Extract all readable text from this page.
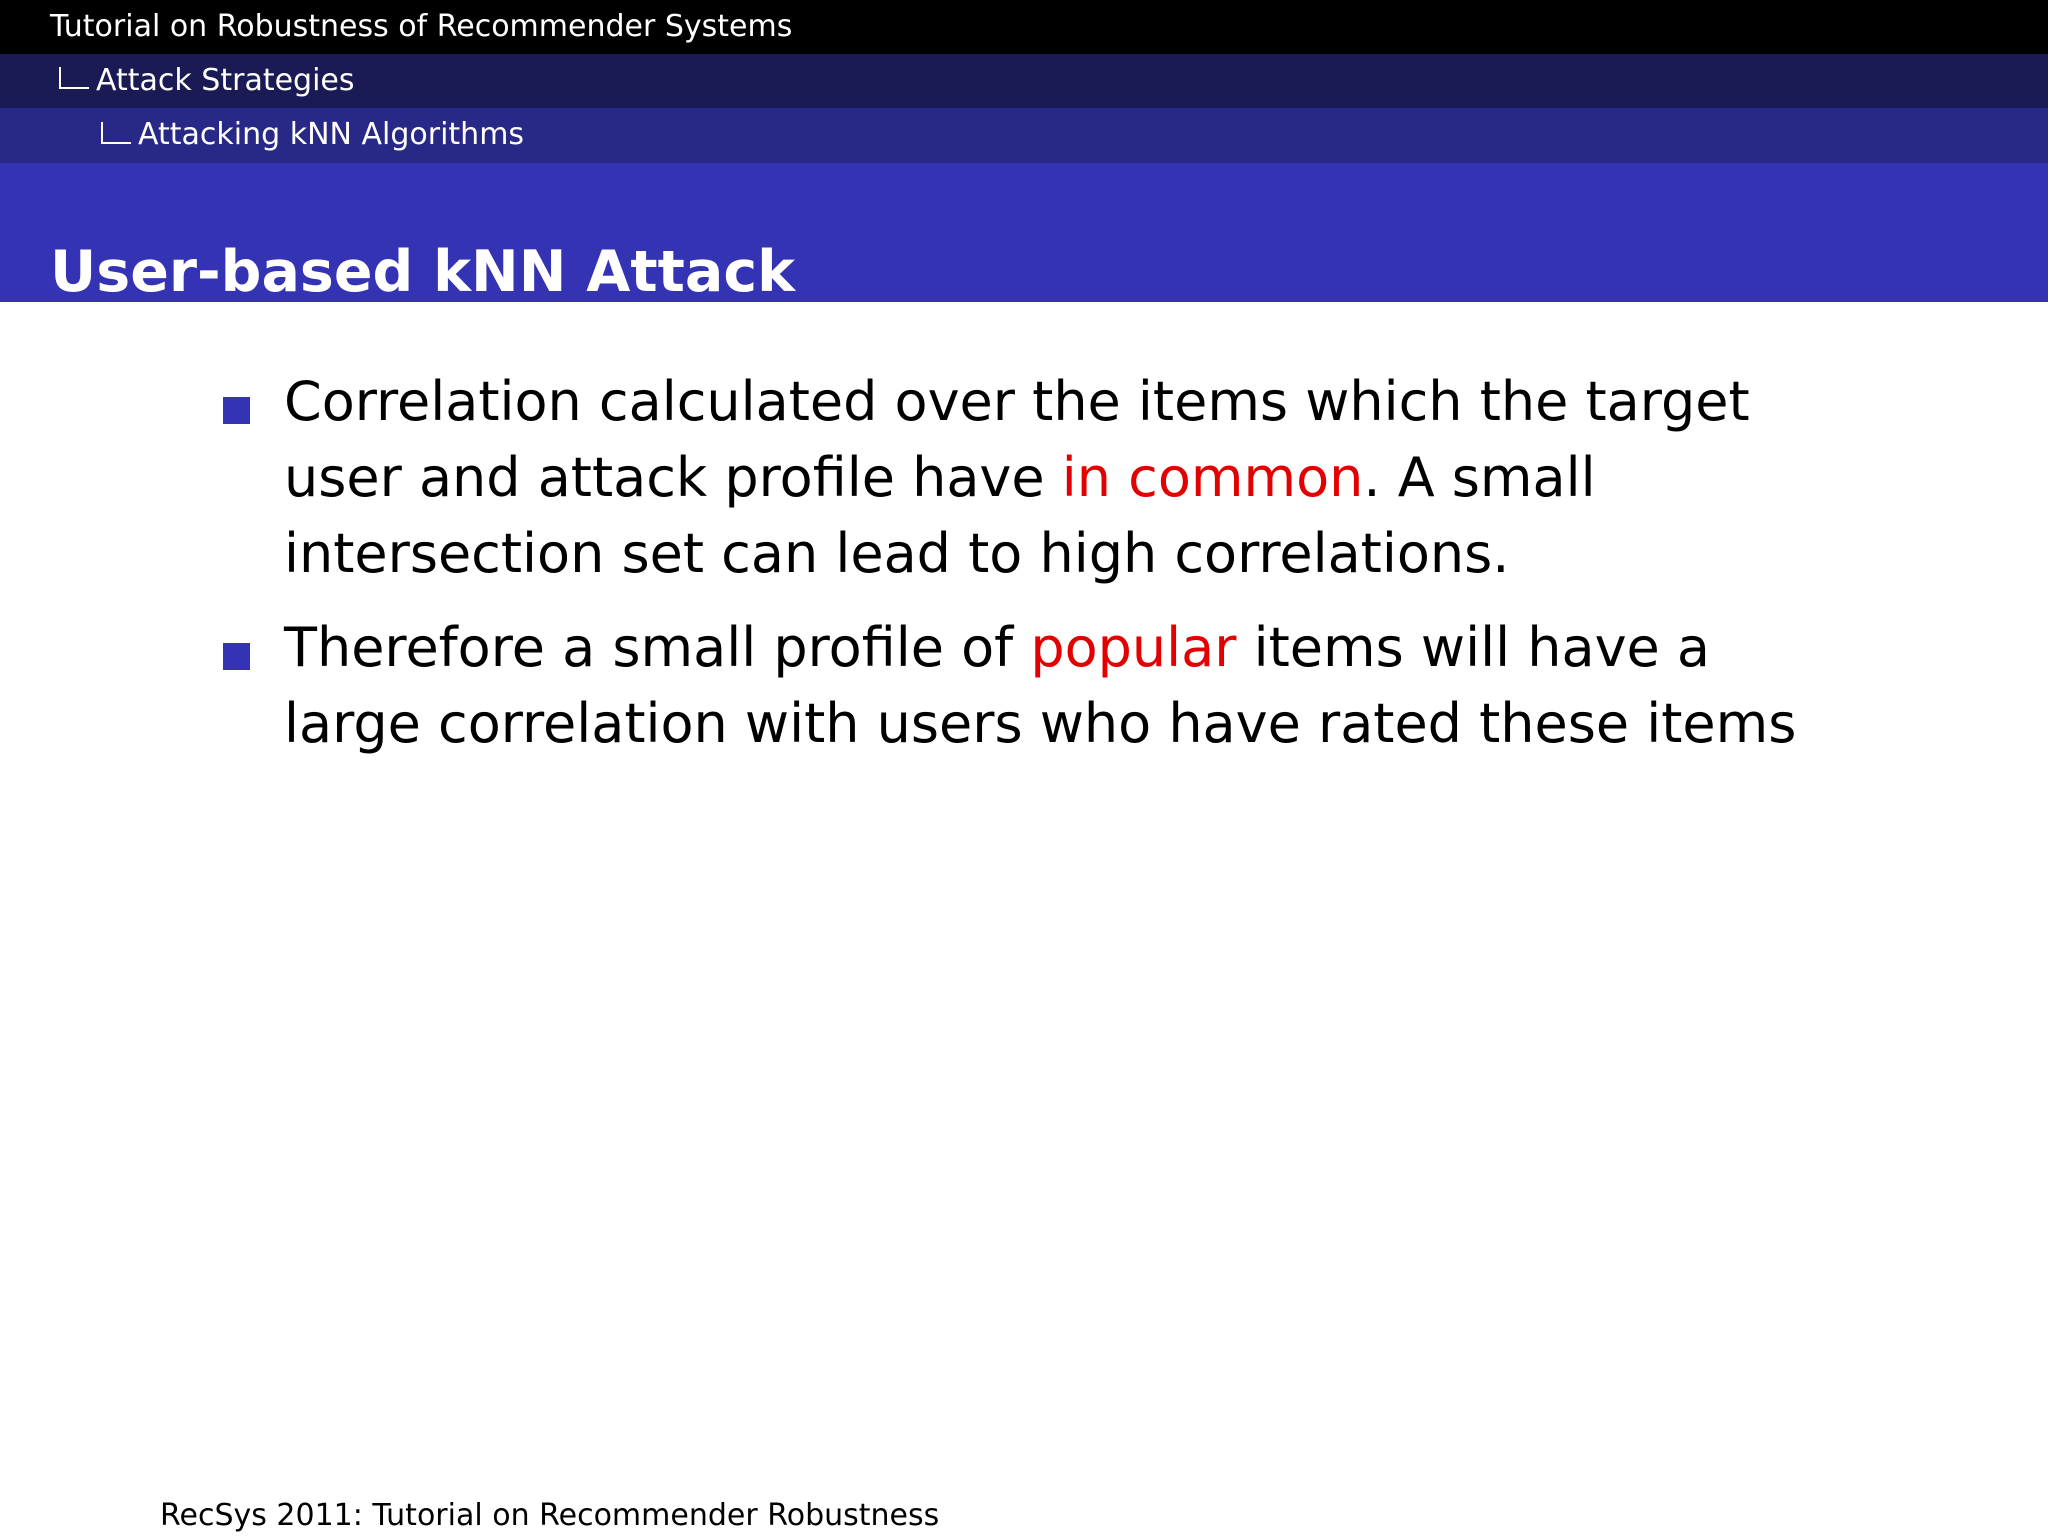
Tutorial on Robustness of Recommender Systems
Attack Strategies
Attacking kNN Algorithms
User-based kNN Attack
Correlation calculated over the items which the target user and attack profile have in common. A small intersection set can lead to high correlations.
Therefore a small profile of popular items will have a large correlation with users who have rated these items
RecSys 2011: Tutorial on Recommender Robustness
